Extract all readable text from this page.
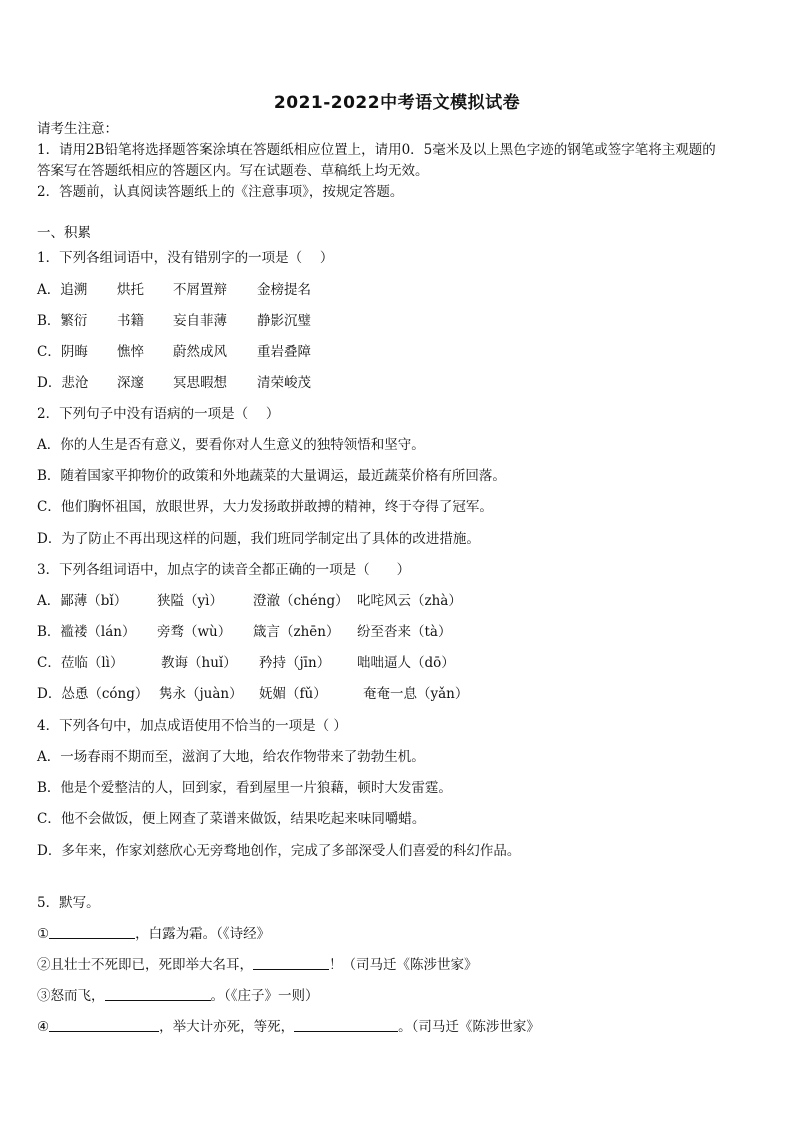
2021-2022中考语文模拟试卷
请考生注意：
1．请用2B铅笔将选择题答案涂填在答题纸相应位置上，请用0．5毫米及以上黑色字迹的钢笔或签字笔将主观题的
答案写在答题纸相应的答题区内。写在试题卷、草稿纸上均无效。
2．答题前，认真阅读答题纸上的《注意事项》，按规定答题。
一、积累
1．下列各组词语中，没有错别字的一项是（　 ）
A．追溯 烘托 不屑置辩 金榜提名
B．繁衍 书籍 妄自菲薄 静影沉璧
C．阴晦 憔悴 蔚然成风 重岩叠障
D．悲沧 深邃 冥思暇想 清荣峻茂
2．下列句子中没有语病的一项是（　 ）
A．你的人生是否有意义，要看你对人生意义的独特领悟和坚守。
B．随着国家平抑物价的政策和外地蔬菜的大量调运，最近蔬菜价格有所回落。
C．他们胸怀祖国，放眼世界，大力发扬敢拼敢搏的精神，终于夺得了冠军。
D．为了防止不再出现这样的问题，我们班同学制定出了具体的改进措施。
3．下列各组词语中，加点字的读音全都正确的一项是（　　）
A．鄙薄（bǐ） 狭隘（yì） 澄澈（chéng） 叱咤风云（zhà）
B．褴褛（lán） 旁骛（wù） 箴言（zhēn） 纷至沓来（tà）
C．莅临（lì）	教诲（huǐ） 矜持（jīn） 咄咄逼人（dō）
D．怂恿（cóng） 隽永（juàn） 妩媚（fǔ）	奄奄一息（yǎn）
4．下列各句中，加点成语使用不恰当的一项是（ ）
A．一场春雨不期而至，滋润了大地，给农作物带来了勃勃生机。
B．他是个爱整洁的人，回到家，看到屋里一片狼藉，顿时大发雷霆。
C．他不会做饭，便上网查了菜谱来做饭，结果吃起来味同嚼蜡。
D．多年来，作家刘慈欣心无旁骛地创作，完成了多部深受人们喜爱的科幻作品。
5．默写。
①	，白露为霜。（《诗经》
②且壮士不死即已，死即举大名耳，	！（司马迁《陈涉世家》
③怒而飞，	。（《庄子》一则）
④	，举大计亦死，等死，	。（司马迁《陈涉世家》
